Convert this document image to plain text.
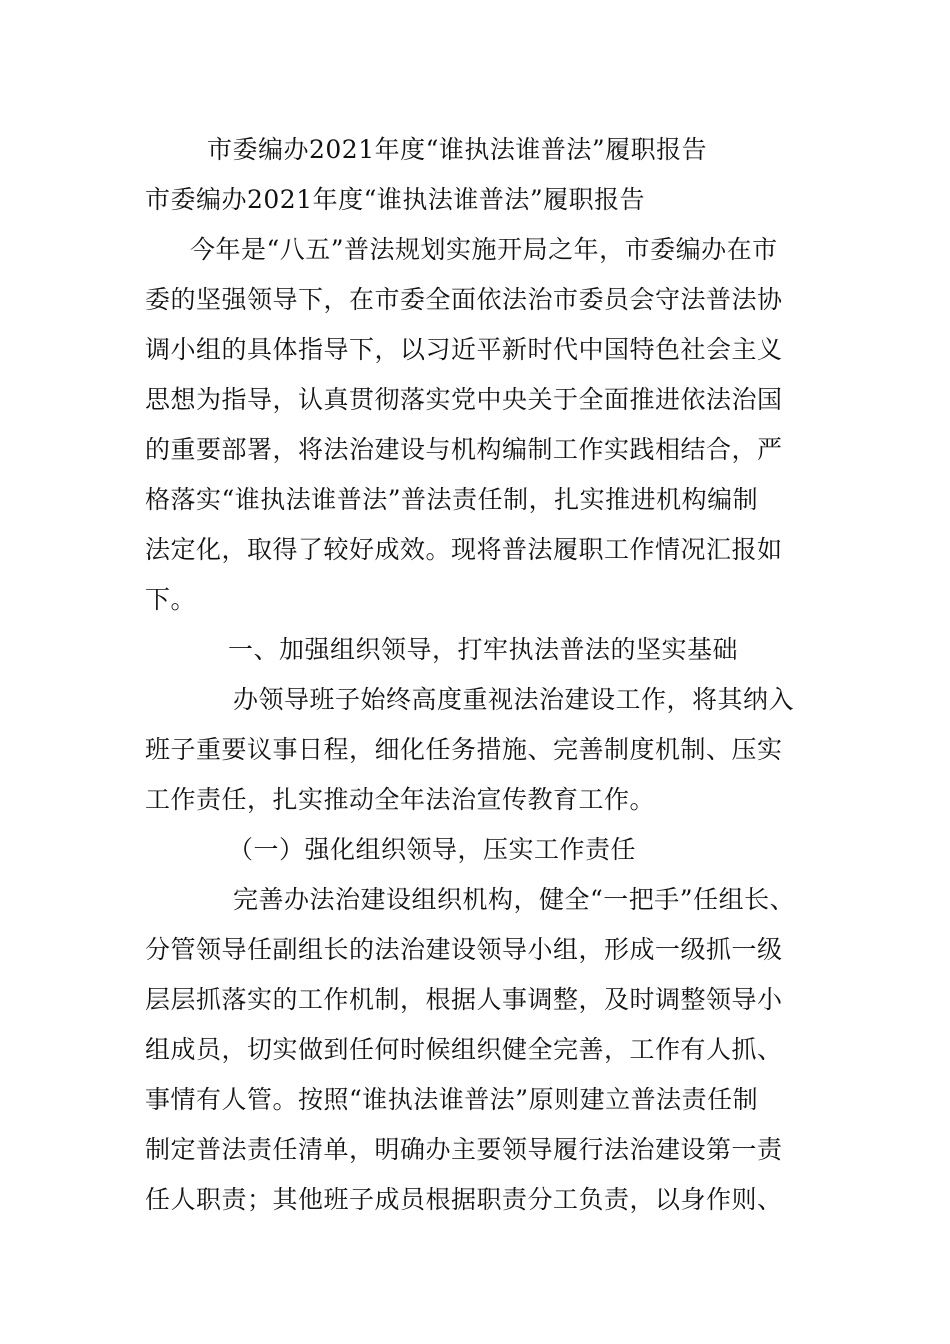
市委编办2021年度“谁执法谁普法”履职报告
市委编办2021年度“谁执法谁普法”履职报告
今年是“八五”普法规划实施开局之年，市委编办在市
委的坚强领导下，在市委全面依法治市委员会守法普法协
调小组的具体指导下，以习近平新时代中国特色社会主义
思想为指导，认真贯彻落实党中央关于全面推进依法治国
的重要部署，将法治建设与机构编制工作实践相结合，严
格落实“谁执法谁普法”普法责任制，扎实推进机构编制
法定化，取得了较好成效。现将普法履职工作情况汇报如
下。
一、加强组织领导，打牢执法普法的坚实基础
办领导班子始终高度重视法治建设工作，将其纳入
班子重要议事日程，细化任务措施、完善制度机制、压实
工作责任，扎实推动全年法治宣传教育工作。
（一）强化组织领导，压实工作责任
完善办法治建设组织机构，健全“一把手”任组长、
分管领导任副组长的法治建设领导小组，形成一级抓一级
层层抓落实的工作机制，根据人事调整，及时调整领导小
组成员，切实做到任何时候组织健全完善，工作有人抓、
事情有人管。按照“谁执法谁普法”原则建立普法责任制
制定普法责任清单，明确办主要领导履行法治建设第一责
任人职责；其他班子成员根据职责分工负责，以身作则、
